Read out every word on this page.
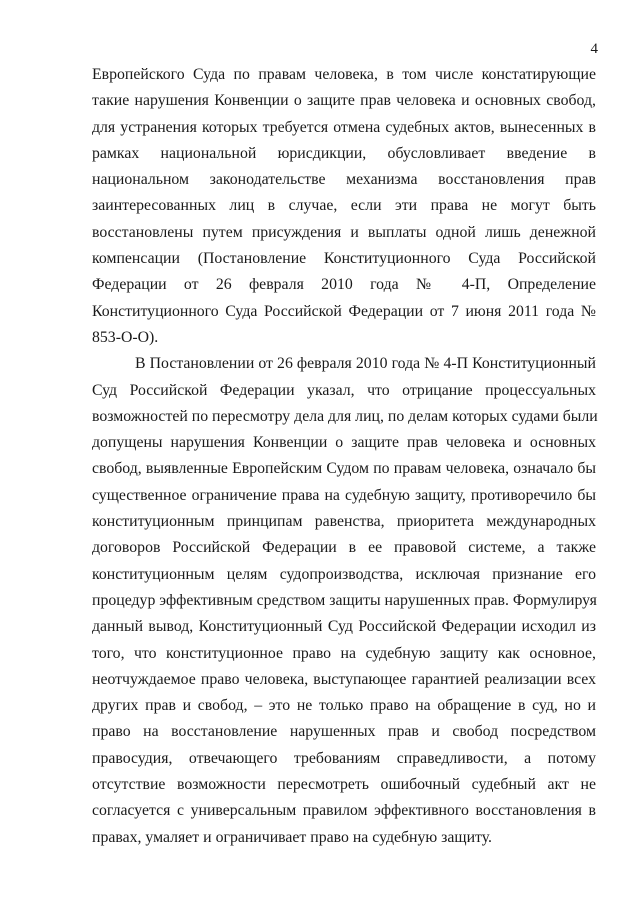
4
Европейского Суда по правам человека, в том числе констатирующие
такие нарушения Конвенции о защите прав человека и основных свобод,
для устранения которых требуется отмена судебных актов, вынесенных в
рамках национальной юрисдикции, обусловливает введение в
национальном законодательстве механизма восстановления прав
заинтересованных лиц в случае, если эти права не могут быть
восстановлены путем присуждения и выплаты одной лишь денежной
компенсации (Постановление Конституционного Суда Российской
Федерации от 26 февраля 2010 года № 4-П, Определение
Конституционного Суда Российской Федерации от 7 июня 2011 года №
853-О-О).
В Постановлении от 26 февраля 2010 года № 4-П Конституционный
Суд Российской Федерации указал, что отрицание процессуальных
возможностей по пересмотру дела для лиц, по делам которых судами были
допущены нарушения Конвенции о защите прав человека и основных
свобод, выявленные Европейским Судом по правам человека, означало бы
существенное ограничение права на судебную защиту, противоречило бы
конституционным принципам равенства, приоритета международных
договоров Российской Федерации в ее правовой системе, а также
конституционным целям судопроизводства, исключая признание его
процедур эффективным средством защиты нарушенных прав. Формулируя
данный вывод, Конституционный Суд Российской Федерации исходил из
того, что конституционное право на судебную защиту как основное,
неотчуждаемое право человека, выступающее гарантией реализации всех
других прав и свобод, – это не только право на обращение в суд, но и
право на восстановление нарушенных прав и свобод посредством
правосудия, отвечающего требованиям справедливости, а потому
отсутствие возможности пересмотреть ошибочный судебный акт не
согласуется с универсальным правилом эффективного восстановления в
правах, умаляет и ограничивает право на судебную защиту.
